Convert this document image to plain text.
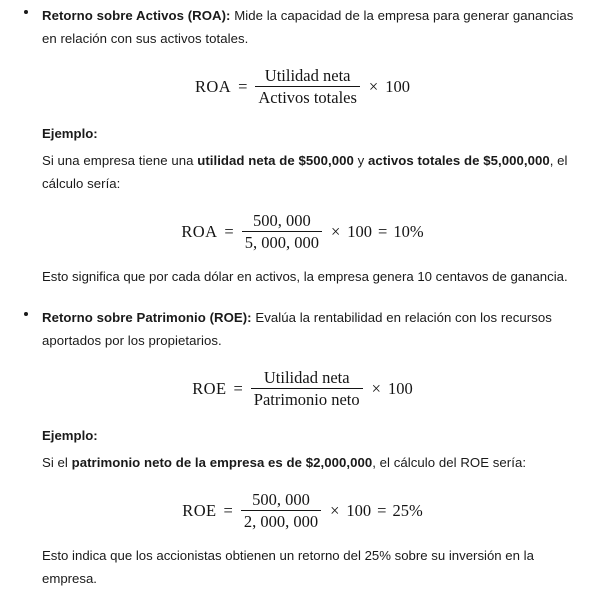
Retorno sobre Activos (ROA): Mide la capacidad de la empresa para generar ganancias en relación con sus activos totales.

ROA = $\frac{\text{Utilidad neta}}{\text{Activos totales}} \times 100$

Ejemplo:

Si una empresa tiene una utilidad neta de $500,000 y activos totales de $5,000,000, el cálculo sería:

ROA = $\frac{500, 000}{5, 000, 000} \times 100 = 10\%$

Esto significa que por cada dólar en activos, la empresa genera 10 centavos de ganancia.

Retorno sobre Patrimonio (ROE): Evalúa la rentabilidad en relación con los recursos aportados por los propietarios.

ROE = $\frac{\text{Utilidad neta}}{\text{Patrimonio neto}} \times 100$

Ejemplo:

Si el patrimonio neto de la empresa es de $2,000,000, el cálculo del ROE sería:

ROE = $\frac{500, 000}{2, 000, 000} \times 100 = 25\%$

Esto indica que los accionistas obtienen un retorno del 25% sobre su inversión en la empresa.
